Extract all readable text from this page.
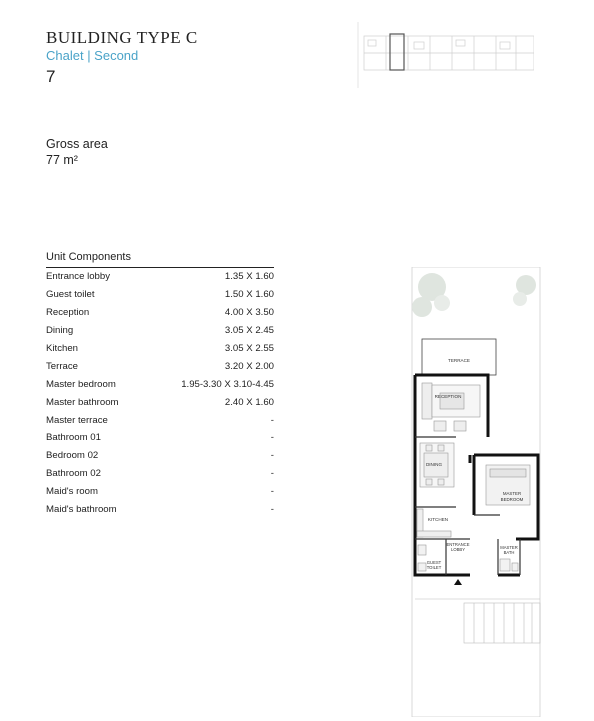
BUILDING TYPE C
Chalet | Second
7
Gross area
77 m²
Unit Components
Entrance lobby	1.35 X 1.60
Guest toilet	1.50 X 1.60
Reception	4.00 X 3.50
Dining	3.05 X 2.45
Kitchen	3.05 X 2.55
Terrace	3.20 X 2.00
Master bedroom	1.95-3.30 X 3.10-4.45
Master bathroom	2.40 X 1.60
Master terrace	-
Bathroom 01	-
Bedroom 02	-
Bathroom 02	-
Maid's room	-
Maid's bathroom	-
TERRACE
RECEPTION
DINING
KITCHEN
MASTER
BEDROOM
ENTRANCE
LOBBY	MASTER
BATH
GUEST
TOILET
